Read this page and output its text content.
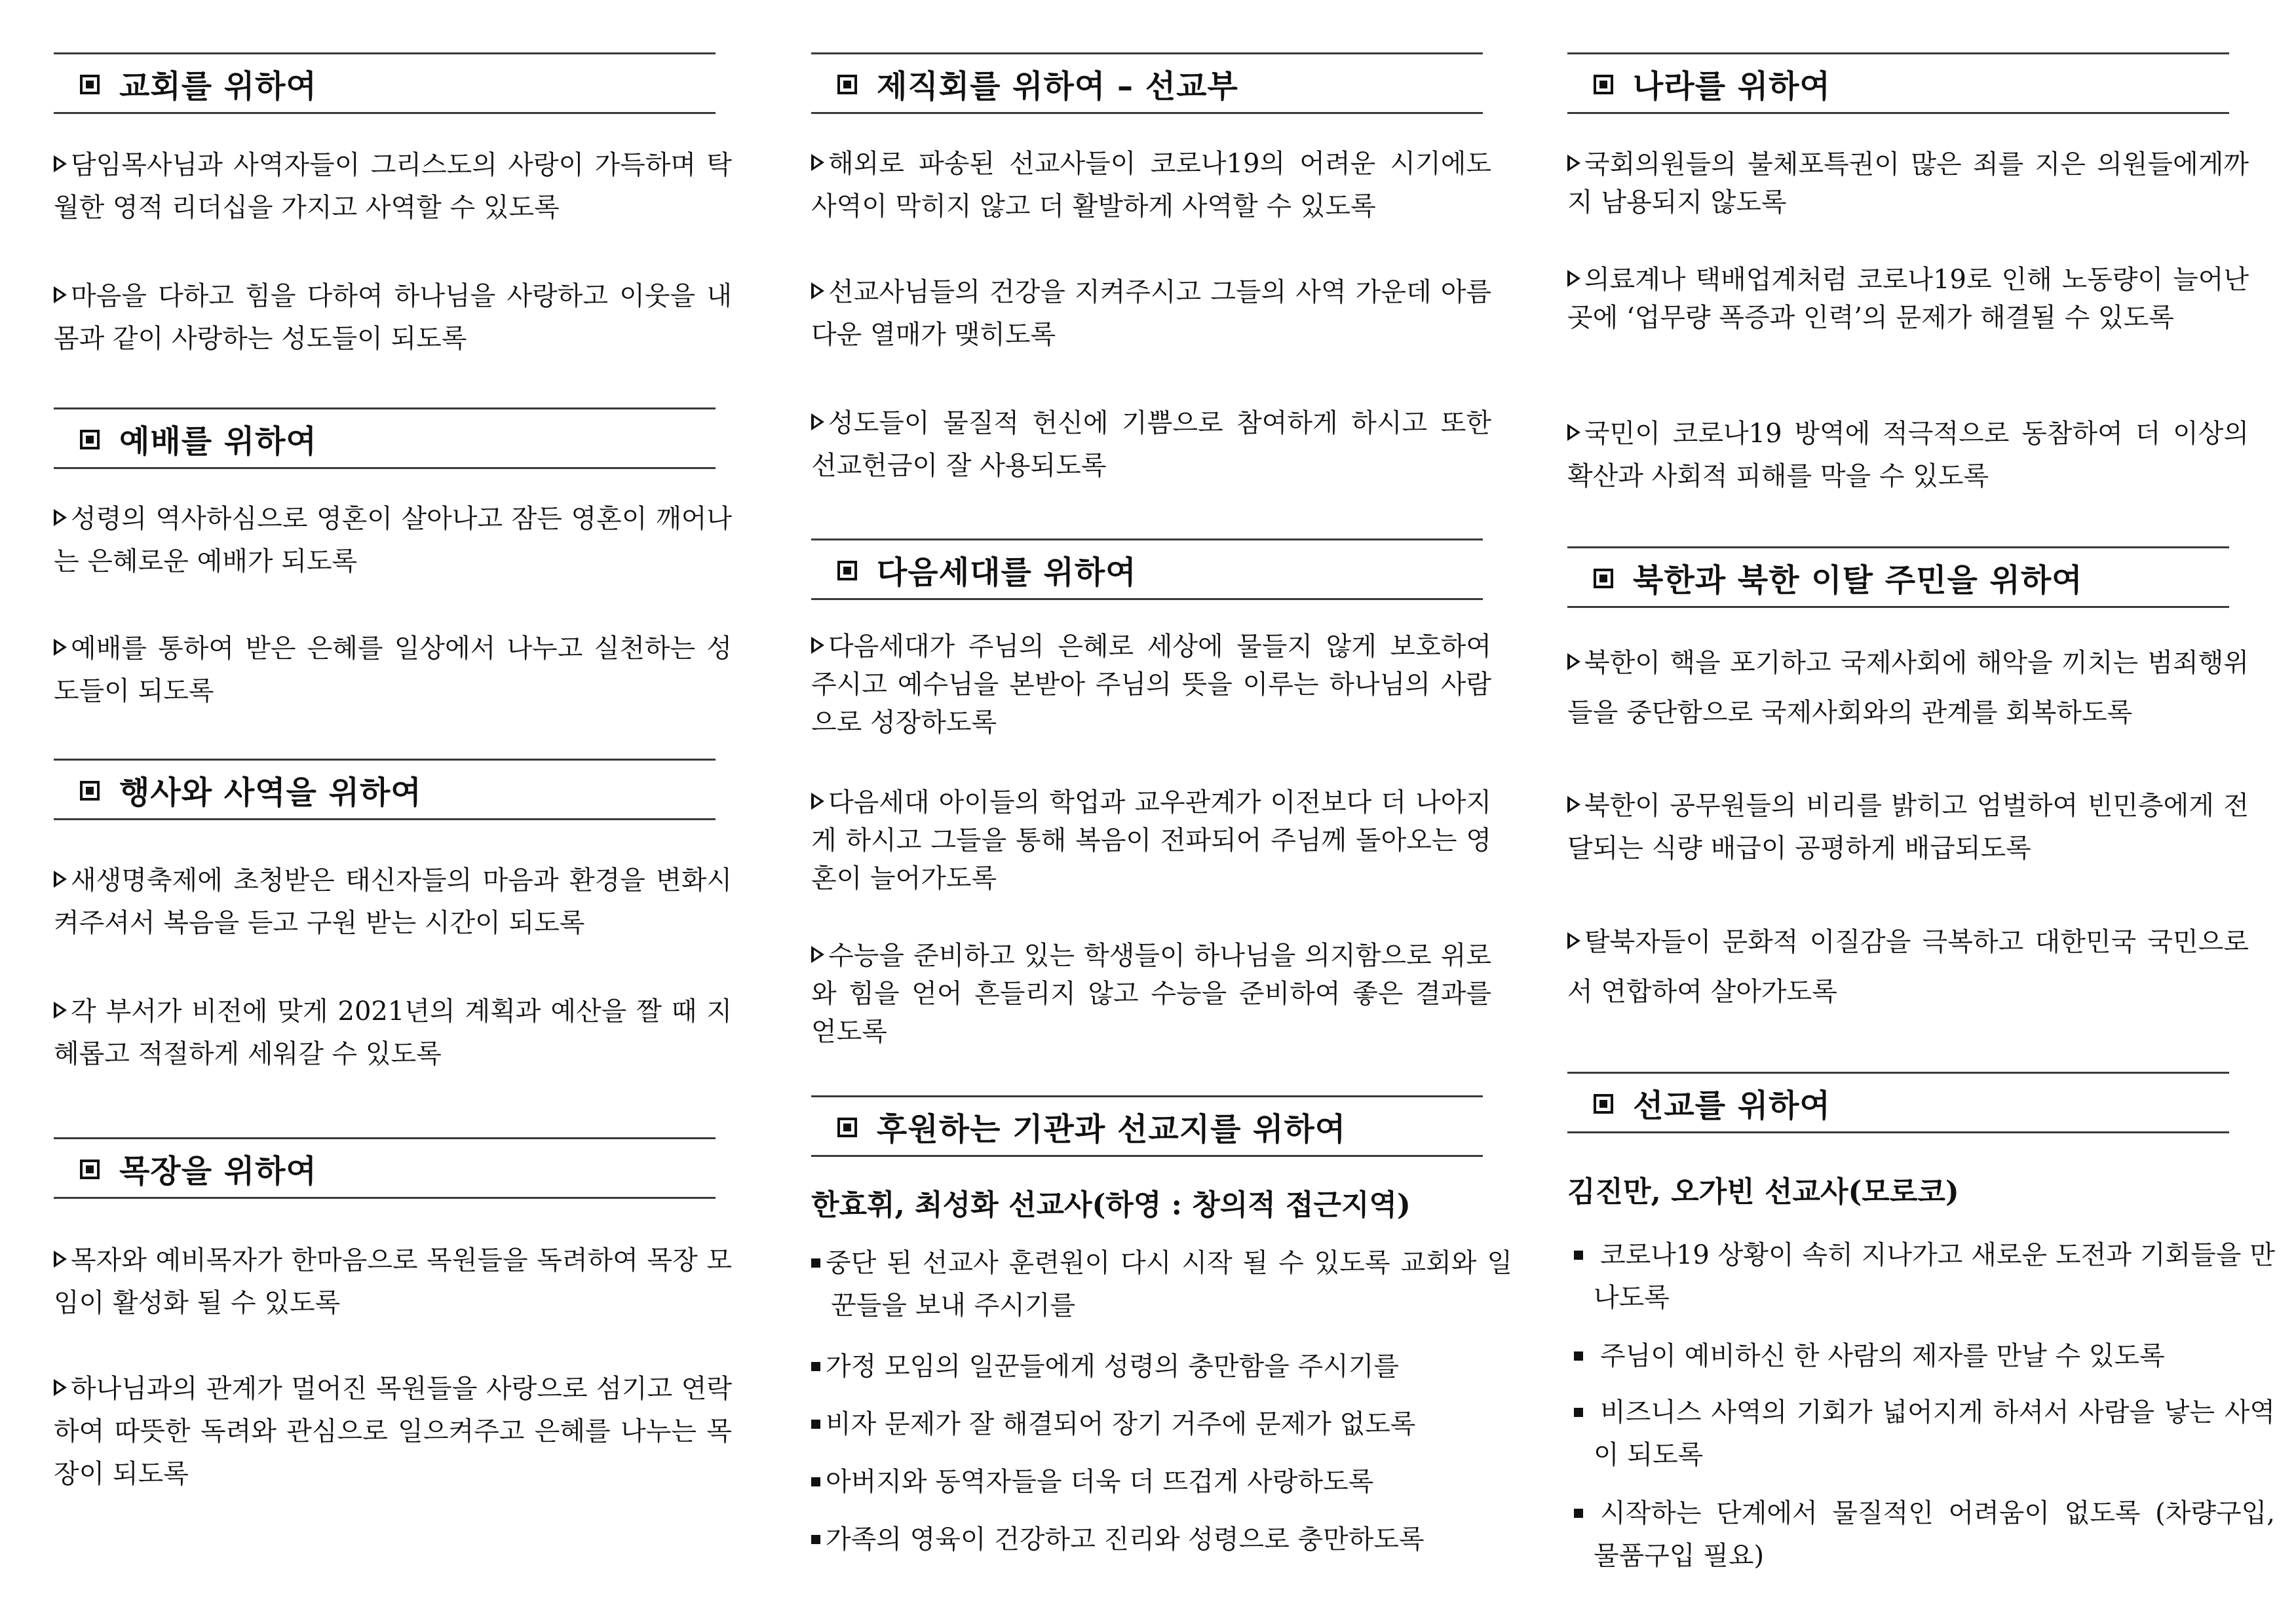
교회를 위하여
담임목사님과 사역자들이 그리스도의 사랑이 가득하며 탁월한 영적 리더십을 가지고 사역할 수 있도록
마음을 다하고 힘을 다하여 하나님을 사랑하고 이웃을 내 몸과 같이 사랑하는 성도들이 되도록
예배를 위하여
성령의 역사하심으로 영혼이 살아나고 잠든 영혼이 깨어나는 은혜로운 예배가 되도록
예배를 통하여 받은 은혜를 일상에서 나누고 실천하는 성도들이 되도록
행사와 사역을 위하여
새생명축제에 초청받은 태신자들의 마음과 환경을 변화시켜주셔서 복음을 듣고 구원 받는 시간이 되도록
각 부서가 비전에 맞게 2021년의 계획과 예산을 짤 때 지혜롭고 적절하게 세워갈 수 있도록
목장을 위하여
목자와 예비목자가 한마음으로 목원들을 독려하여 목장 모임이 활성화 될 수 있도록
하나님과의 관계가 멀어진 목원들을 사랑으로 섬기고 연락하여 따뜻한 독려와 관심으로 일으켜주고 은혜를 나누는 목장이 되도록
제직회를 위하여 – 선교부
해외로 파송된 선교사들이 코로나19의 어려운 시기에도 사역이 막히지 않고 더 활발하게 사역할 수 있도록
선교사님들의 건강을 지켜주시고 그들의 사역 가운데 아름다운 열매가 맺히도록
성도들이 물질적 헌신에 기쁨으로 참여하게 하시고 또한 선교헌금이 잘 사용되도록
다음세대를 위하여
다음세대가 주님의 은혜로 세상에 물들지 않게 보호하여 주시고 예수님을 본받아 주님의 뜻을 이루는 하나님의 사람으로 성장하도록
다음세대 아이들의 학업과 교우관계가 이전보다 더 나아지게 하시고 그들을 통해 복음이 전파되어 주님께 돌아오는 영혼이 늘어가도록
수능을 준비하고 있는 학생들이 하나님을 의지함으로 위로와 힘을 얻어 흔들리지 않고 수능을 준비하여 좋은 결과를 얻도록
후원하는 기관과 선교지를 위하여
한효휘, 최성화 선교사(하영 : 창의적 접근지역)
중단 된 선교사 훈련원이 다시 시작 될 수 있도록 교회와 일꾼들을 보내 주시기를
가정 모임의 일꾼들에게 성령의 충만함을 주시기를
비자 문제가 잘 해결되어 장기 거주에 문제가 없도록
아버지와 동역자들을 더욱 더 뜨겁게 사랑하도록
가족의 영육이 건강하고 진리와 성령으로 충만하도록
나라를 위하여
국회의원들의 불체포특권이 많은 죄를 지은 의원들에게까지 남용되지 않도록
의료계나 택배업계처럼 코로나19로 인해 노동량이 늘어난 곳에 ‘업무량 폭증과 인력’의 문제가 해결될 수 있도록
국민이 코로나19 방역에 적극적으로 동참하여 더 이상의 확산과 사회적 피해를 막을 수 있도록
북한과 북한 이탈 주민을 위하여
북한이 핵을 포기하고 국제사회에 해악을 끼치는 범죄행위들을 중단함으로 국제사회와의 관계를 회복하도록
북한이 공무원들의 비리를 밝히고 엄벌하여 빈민층에게 전달되는 식량 배급이 공평하게 배급되도록
탈북자들이 문화적 이질감을 극복하고 대한민국 국민으로서 연합하여 살아가도록
선교를 위하여
김진만, 오가빈 선교사(모로코)
코로나19 상황이 속히 지나가고 새로운 도전과 기회들을 만나도록
주님이 예비하신 한 사람의 제자를 만날 수 있도록
비즈니스 사역의 기회가 넓어지게 하셔서 사람을 낳는 사역이 되도록
시작하는 단계에서 물질적인 어려움이 없도록 (차량구입, 물품구입 필요)
